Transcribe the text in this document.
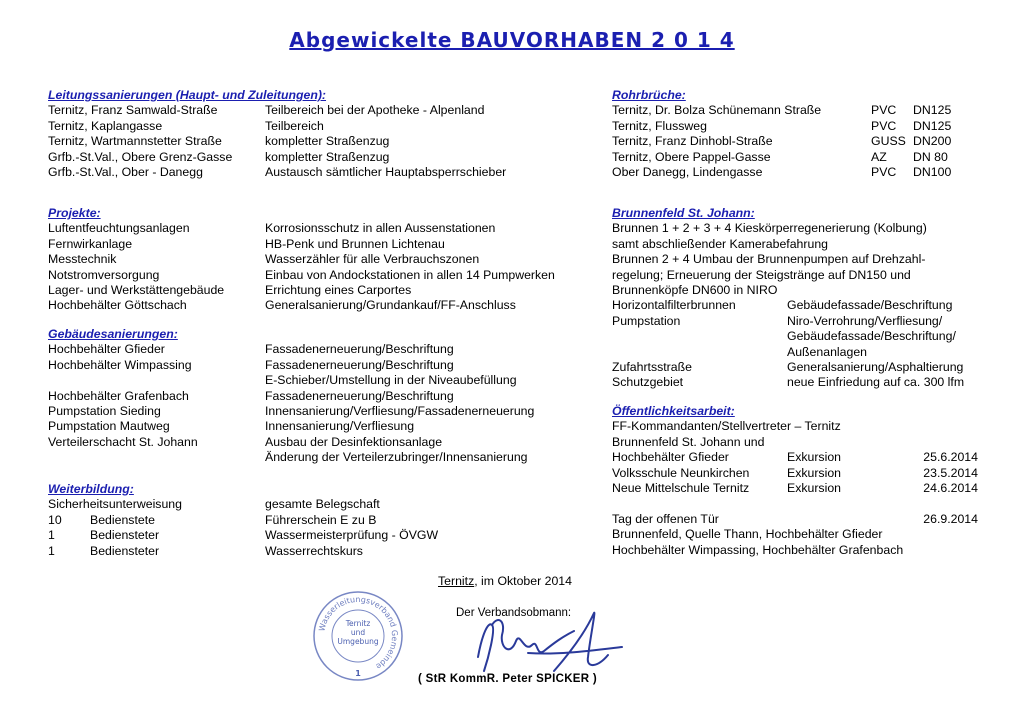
Abgewickelte BAUVORHABEN 2 0 1 4
Leitungssanierungen (Haupt- und Zuleitungen):
Ternitz, Franz Samwald-Straße	Teilbereich bei der Apotheke - Alpenland
Ternitz, Kaplangasse	Teilbereich
Ternitz, Wartmannstetter Straße	kompletter Straßenzug
Grfb.-St.Val., Obere Grenz-Gasse	kompletter Straßenzug
Grfb.-St.Val., Ober - Danegg	Austausch sämtlicher Hauptabsperrschieber
Projekte:
Luftentfeuchtungsanlagen	Korrosionsschutz in allen Aussenstationen
Fernwirkanlage	HB-Penk und Brunnen Lichtenau
Messtechnik	Wasserzähler für alle Verbrauchszonen
Notstromversorgung	Einbau von Andockstationen in allen 14 Pumpwerken
Lager- und Werkstättengebäude	Errichtung eines Carportes
Hochbehälter Göttschach	Generalsanierung/Grundankauf/FF-Anschluss
Gebäudesanierungen:
Hochbehälter Gfieder	Fassadenerneuerung/Beschriftung
Hochbehälter Wimpassing	Fassadenerneuerung/Beschriftung
E-Schieber/Umstellung in der Niveaubefüllung
Hochbehälter Grafenbach	Fassadenerneuerung/Beschriftung
Pumpstation Sieding	Innensanierung/Verfliesung/Fassadenerneuerung
Pumpstation Mautweg	Innensanierung/Verfliesung
Verteilerschacht St. Johann	Ausbau der Desinfektionsanlage
Änderung der Verteilerzubringer/Innensanierung
Weiterbildung:
Sicherheitsunterweisung	gesamte Belegschaft
10 Bedienstete	Führerschein E zu B
1	Bediensteter	Wassermeisterprüfung - ÖVGW
1	Bediensteter	Wasserrechtskurs
Rohrbrüche:
Ternitz, Dr. Bolza Schünemann Straße	PVC DN125
Ternitz, Flussweg	PVC DN125
Ternitz, Franz Dinhobl-Straße	GUSS DN200
Ternitz, Obere Pappel-Gasse	AZ DN 80
Ober Danegg, Lindengasse	PVC DN100
Brunnenfeld St. Johann:
Brunnen 1 + 2 + 3 + 4 Kieskörperregenerierung (Kolbung)
samt abschließender Kamerabefahrung
Brunnen 2 + 4 Umbau der Brunnenpumpen auf Drehzahl-
regelung; Erneuerung der Steigstränge auf DN150 und
Brunnenköpfe DN600 in NIRO
Horizontalfilterbrunnen	Gebäudefassade/Beschriftung
Pumpstation	Niro-Verrohrung/Verfliesung/
Gebäudefassade/Beschriftung/
Außenanlagen
Zufahrtsstraße	Generalsanierung/Asphaltierung
Schutzgebiet	neue Einfriedung auf ca. 300 lfm
Öffentlichkeitsarbeit:
FF-Kommandanten/Stellvertreter – Ternitz
Brunnenfeld St. Johann und
Hochbehälter Gfieder	Exkursion	25.6.2014
Volksschule Neunkirchen	Exkursion	23.5.2014
Neue Mittelschule Ternitz	Exkursion	24.6.2014
Tag der offenen Tür	26.9.2014
Brunnenfeld, Quelle Thann, Hochbehälter Gfieder
Hochbehälter Wimpassing, Hochbehälter Grafenbach
Ternitz, im Oktober 2014
Der Verbandsobmann:
( StR KommR. Peter SPICKER )
Wasserleitungsverband Gemeinde
Ternitz
und
Umgebung
1
